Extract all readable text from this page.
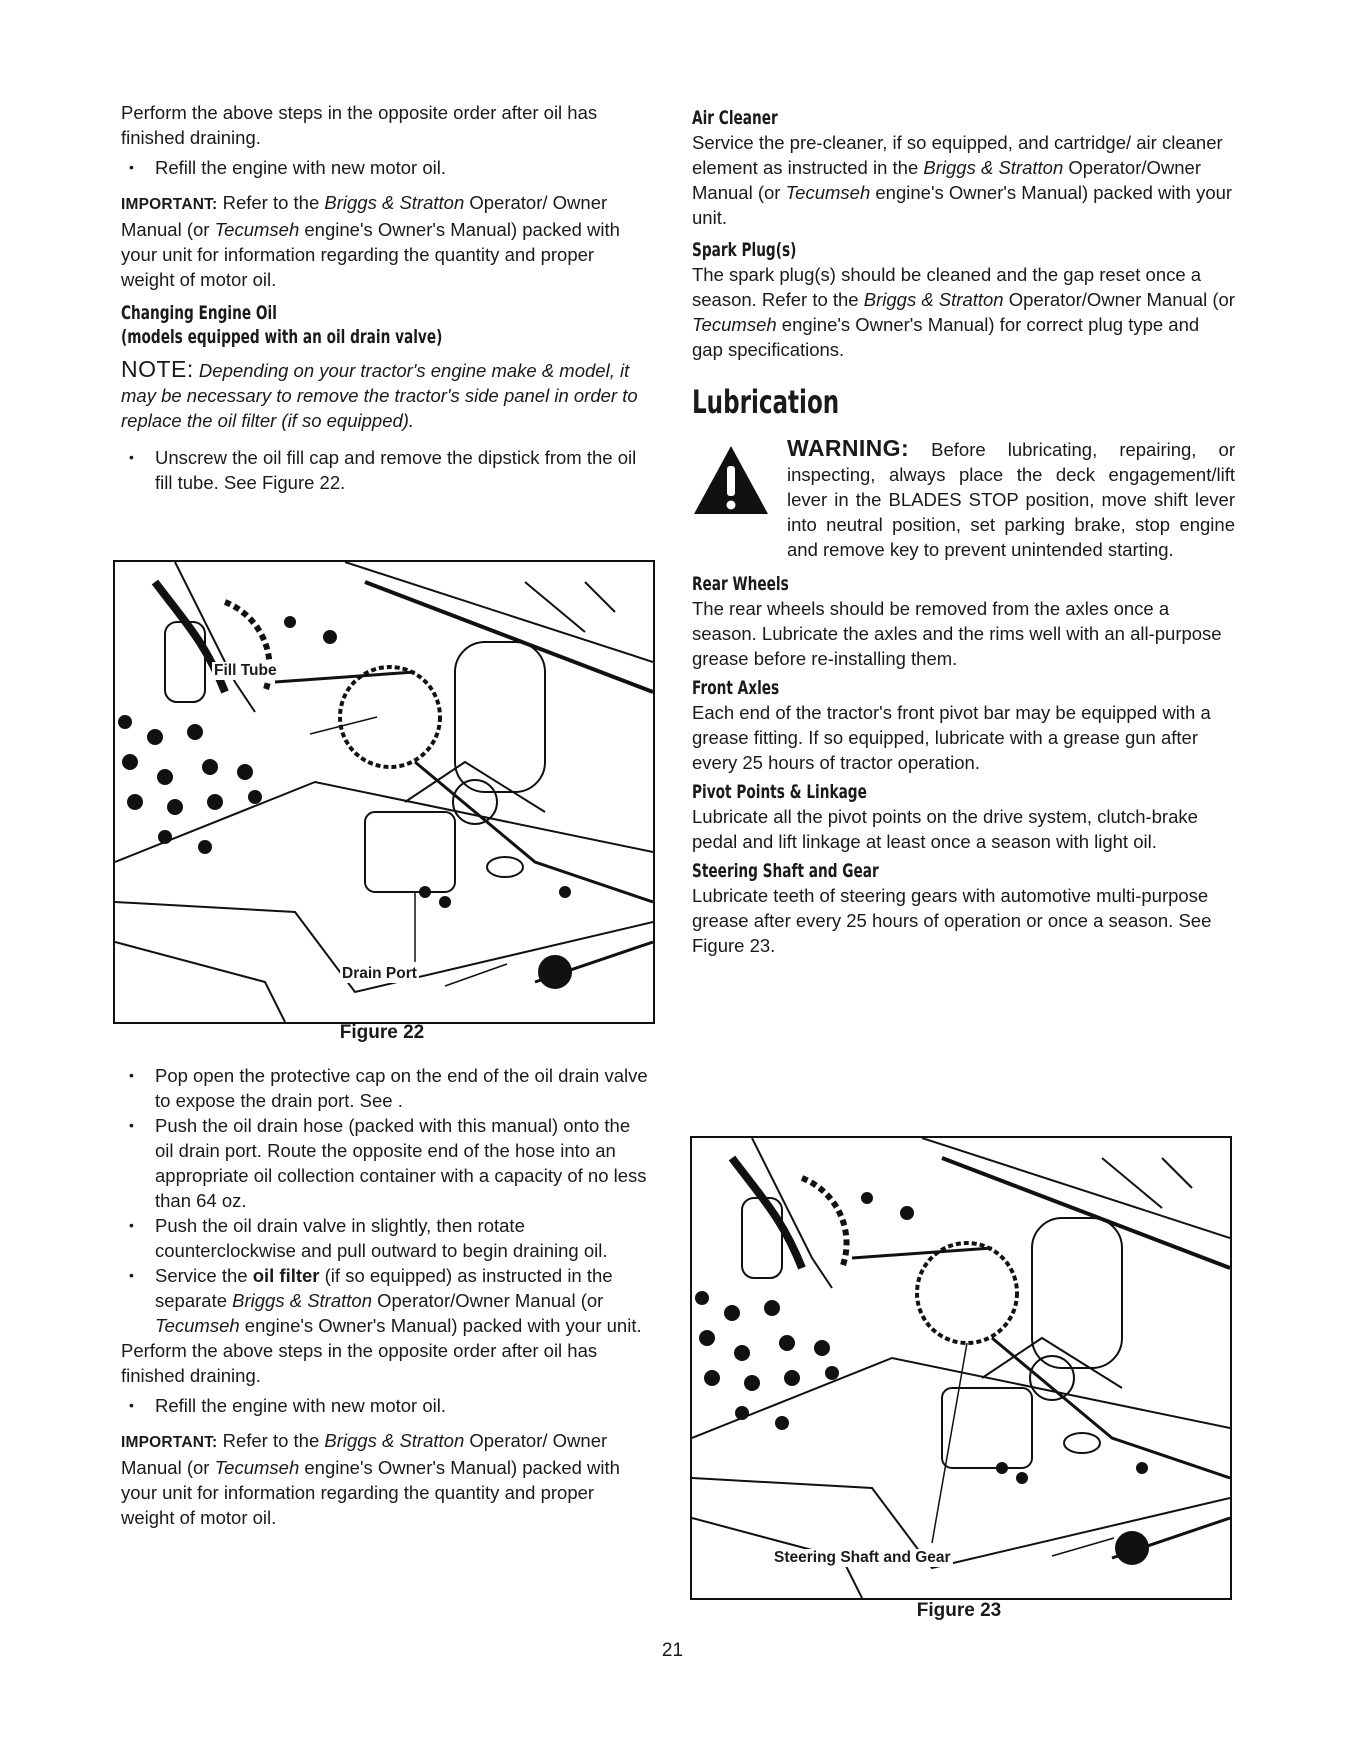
Perform the above steps in the opposite order after oil has finished draining.

• Refill the engine with new motor oil.

IMPORTANT: Refer to the Briggs & Stratton Operator/ Owner Manual (or Tecumseh engine's Owner's Manual) packed with your unit for information regarding the quantity and proper weight of motor oil.

Changing Engine Oil
(models equipped with an oil drain valve)

NOTE: Depending on your tractor's engine make & model, it may be necessary to remove the tractor's side panel in order to replace the oil filter (if so equipped).

• Unscrew the oil fill cap and remove the dipstick from the oil fill tube. See Figure 22.
Fill Tube
Drain Port
Figure 22
• Pop open the protective cap on the end of the oil drain valve to expose the drain port. See .
• Push the oil drain hose (packed with this manual) onto the oil drain port. Route the opposite end of the hose into an appropriate oil collection container with a capacity of no less than 64 oz.
• Push the oil drain valve in slightly, then rotate counterclockwise and pull outward to begin draining oil.
• Service the oil filter (if so equipped) as instructed in the separate Briggs & Stratton Operator/Owner Manual (or Tecumseh engine's Owner's Manual) packed with your unit.

Perform the above steps in the opposite order after oil has finished draining.

• Refill the engine with new motor oil.

IMPORTANT: Refer to the Briggs & Stratton Operator/ Owner Manual (or Tecumseh engine's Owner's Manual) packed with your unit for information regarding the quantity and proper weight of motor oil.

Air Cleaner

Service the pre-cleaner, if so equipped, and cartridge/ air cleaner element as instructed in the Briggs & Stratton Operator/Owner Manual (or Tecumseh engine's Owner's Manual) packed with your unit.

Spark Plug(s)

The spark plug(s) should be cleaned and the gap reset once a season. Refer to the Briggs & Stratton Operator/Owner Manual (or Tecumseh engine's Owner's Manual) for correct plug type and gap specifications.

Lubrication

WARNING: Before lubricating, repairing, or inspecting, always place the deck engagement/lift lever in the BLADES STOP position, move shift lever into neutral position, set parking brake, stop engine and remove key to prevent unintended starting.

Rear Wheels

The rear wheels should be removed from the axles once a season. Lubricate the axles and the rims well with an all-purpose grease before re-installing them.

Front Axles

Each end of the tractor's front pivot bar may be equipped with a grease fitting. If so equipped, lubricate with a grease gun after every 25 hours of tractor operation.

Pivot Points & Linkage

Lubricate all the pivot points on the drive system, clutch-brake pedal and lift linkage at least once a season with light oil.

Steering Shaft and Gear

Lubricate teeth of steering gears with automotive multi-purpose grease after every 25 hours of operation or once a season. See Figure 23.

Steering Shaft and Gear
Figure 23
21
